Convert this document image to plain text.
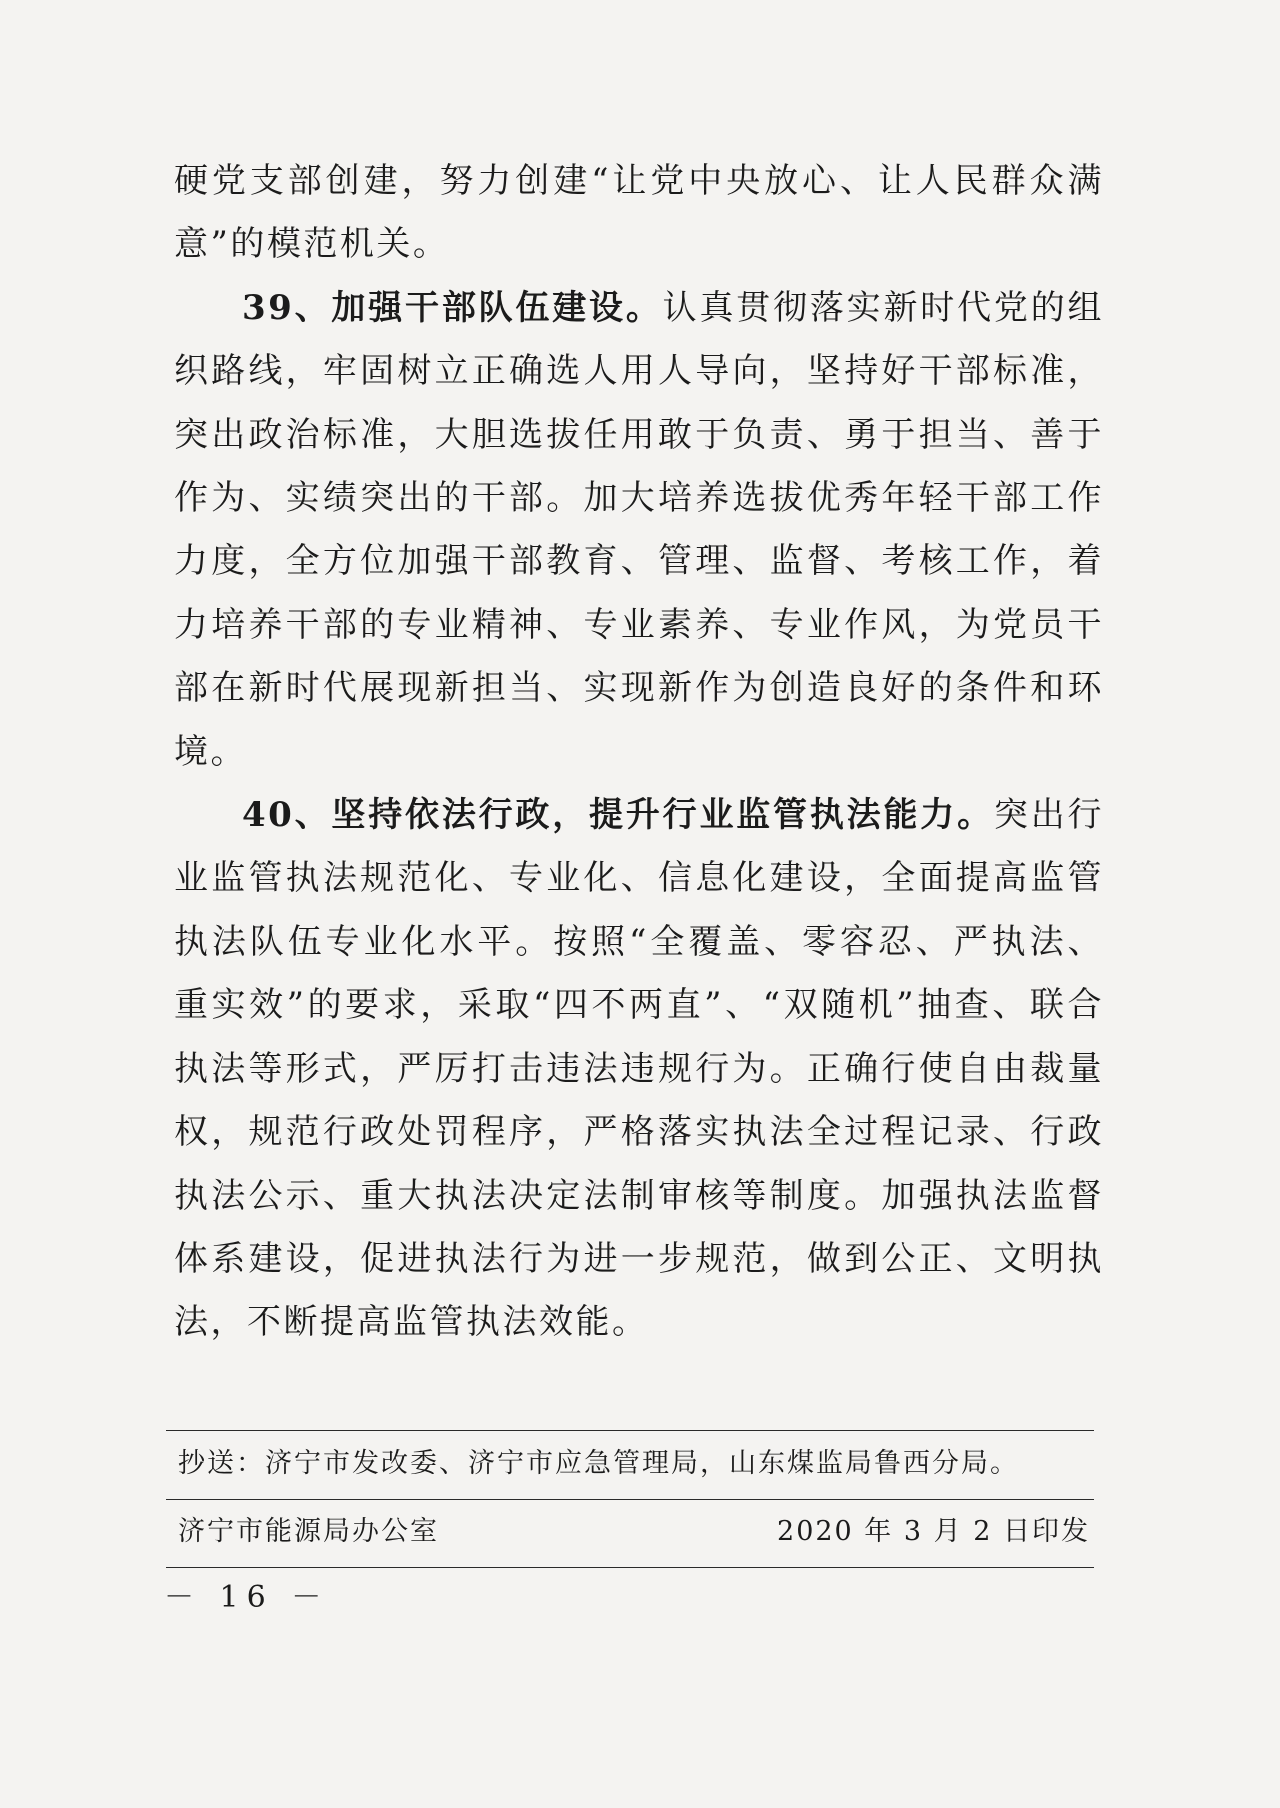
硬党支部创建，努力创建“让党中央放心、让人民群众满意”的模范机关。

39、加强干部队伍建设。认真贯彻落实新时代党的组织路线，牢固树立正确选人用人导向，坚持好干部标准，突出政治标准，大胆选拔任用敢于负责、勇于担当、善于作为、实绩突出的干部。加大培养选拔优秀年轻干部工作力度，全方位加强干部教育、管理、监督、考核工作，着力培养干部的专业精神、专业素养、专业作风，为党员干部在新时代展现新担当、实现新作为创造良好的条件和环境。

40、坚持依法行政，提升行业监管执法能力。突出行业监管执法规范化、专业化、信息化建设，全面提高监管执法队伍专业化水平。按照“全覆盖、零容忍、严执法、重实效”的要求，采取“四不两直”、“双随机”抽查、联合执法等形式，严厉打击违法违规行为。正确行使自由裁量权，规范行政处罚程序，严格落实执法全过程记录、行政执法公示、重大执法决定法制审核等制度。加强执法监督体系建设，促进执法行为进一步规范，做到公正、文明执法，不断提高监管执法效能。

抄送：济宁市发改委、济宁市应急管理局，山东煤监局鲁西分局。
济宁市能源局办公室	2020 年 3 月 2 日印发
－ 16 －
